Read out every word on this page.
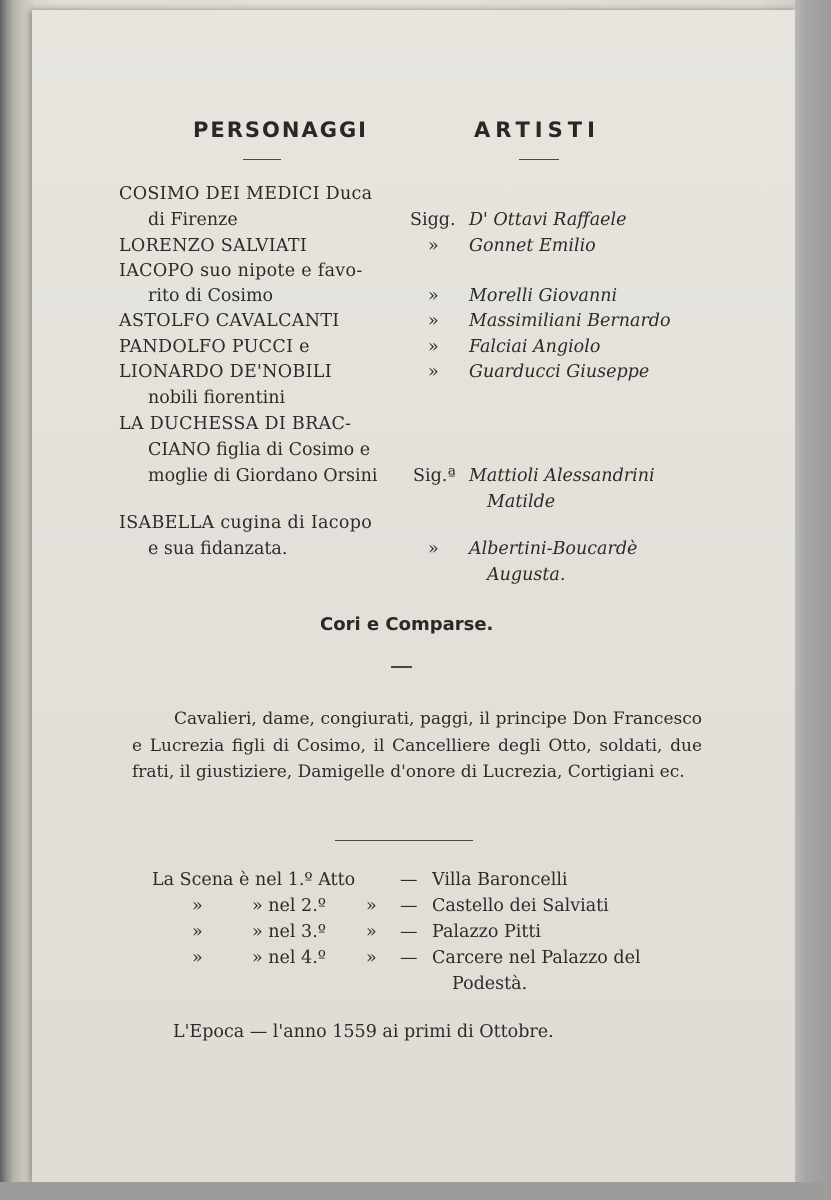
PERSONAGGI	ARTISTI
COSIMO DEI MEDICI Duca
di Firenze	Sigg. D' Ottavi Raffaele
LORENZO SALVIATI	» Gonnet Emilio
IACOPO suo nipote e favo-
rito di Cosimo	» Morelli Giovanni
ASTOLFO CAVALCANTI	» Massimiliani Bernardo
PANDOLFO PUCCI e	» Falciai Angiolo
LIONARDO DE'NOBILI	» Guarducci Giuseppe
nobili fiorentini
LA DUCHESSA DI BRAC-
CIANO figlia di Cosimo e
moglie di Giordano Orsini Sig.ª Mattioli Alessandrini
Matilde
ISABELLA cugina di Iacopo
e sua fidanzata.	» Albertini-Boucardè
Augusta.
Cori e Comparse.
Cavalieri, dame, congiurati, paggi, il principe Don Francesco e Lucrezia figli di Cosimo, il Cancelliere degli Otto, soldati, due frati, il giustiziere, Damigelle d'onore di Lucrezia, Cortigiani ec.
La Scena è nel 1.º Atto	— Villa Baroncelli
»	» nel 2.º » — Castello dei Salviati
»	» nel 3.º » — Palazzo Pitti
»	» nel 4.º » — Carcere nel Palazzo del
Podestà.
L'Epoca — l'anno 1559 ai primi di Ottobre.
